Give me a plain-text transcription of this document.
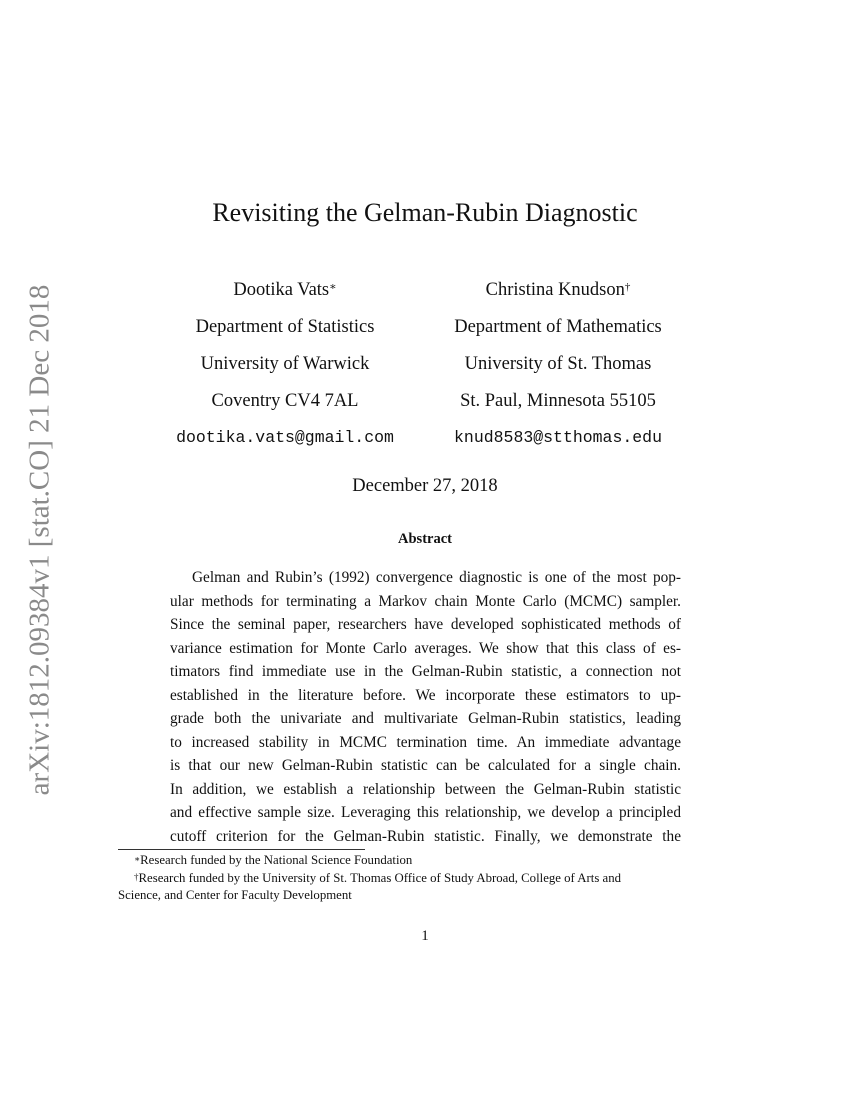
arXiv:1812.09384v1 [stat.CO] 21 Dec 2018
Revisiting the Gelman-Rubin Diagnostic
Dootika Vats∗
Department of Statistics
University of Warwick
Coventry CV4 7AL
dootika.vats@gmail.com
Christina Knudson†
Department of Mathematics
University of St. Thomas
St. Paul, Minnesota 55105
knud8583@stthomas.edu
December 27, 2018
Abstract
Gelman and Rubin’s (1992) convergence diagnostic is one of the most pop-
ular methods for terminating a Markov chain Monte Carlo (MCMC) sampler.
Since the seminal paper, researchers have developed sophisticated methods of
variance estimation for Monte Carlo averages. We show that this class of es-
timators find immediate use in the Gelman-Rubin statistic, a connection not
established in the literature before. We incorporate these estimators to up-
grade both the univariate and multivariate Gelman-Rubin statistics, leading
to increased stability in MCMC termination time. An immediate advantage
is that our new Gelman-Rubin statistic can be calculated for a single chain.
In addition, we establish a relationship between the Gelman-Rubin statistic
and effective sample size. Leveraging this relationship, we develop a principled
cutoff criterion for the Gelman-Rubin statistic. Finally, we demonstrate the
∗Research funded by the National Science Foundation
†Research funded by the University of St. Thomas Office of Study Abroad, College of Arts and
Science, and Center for Faculty Development
1
